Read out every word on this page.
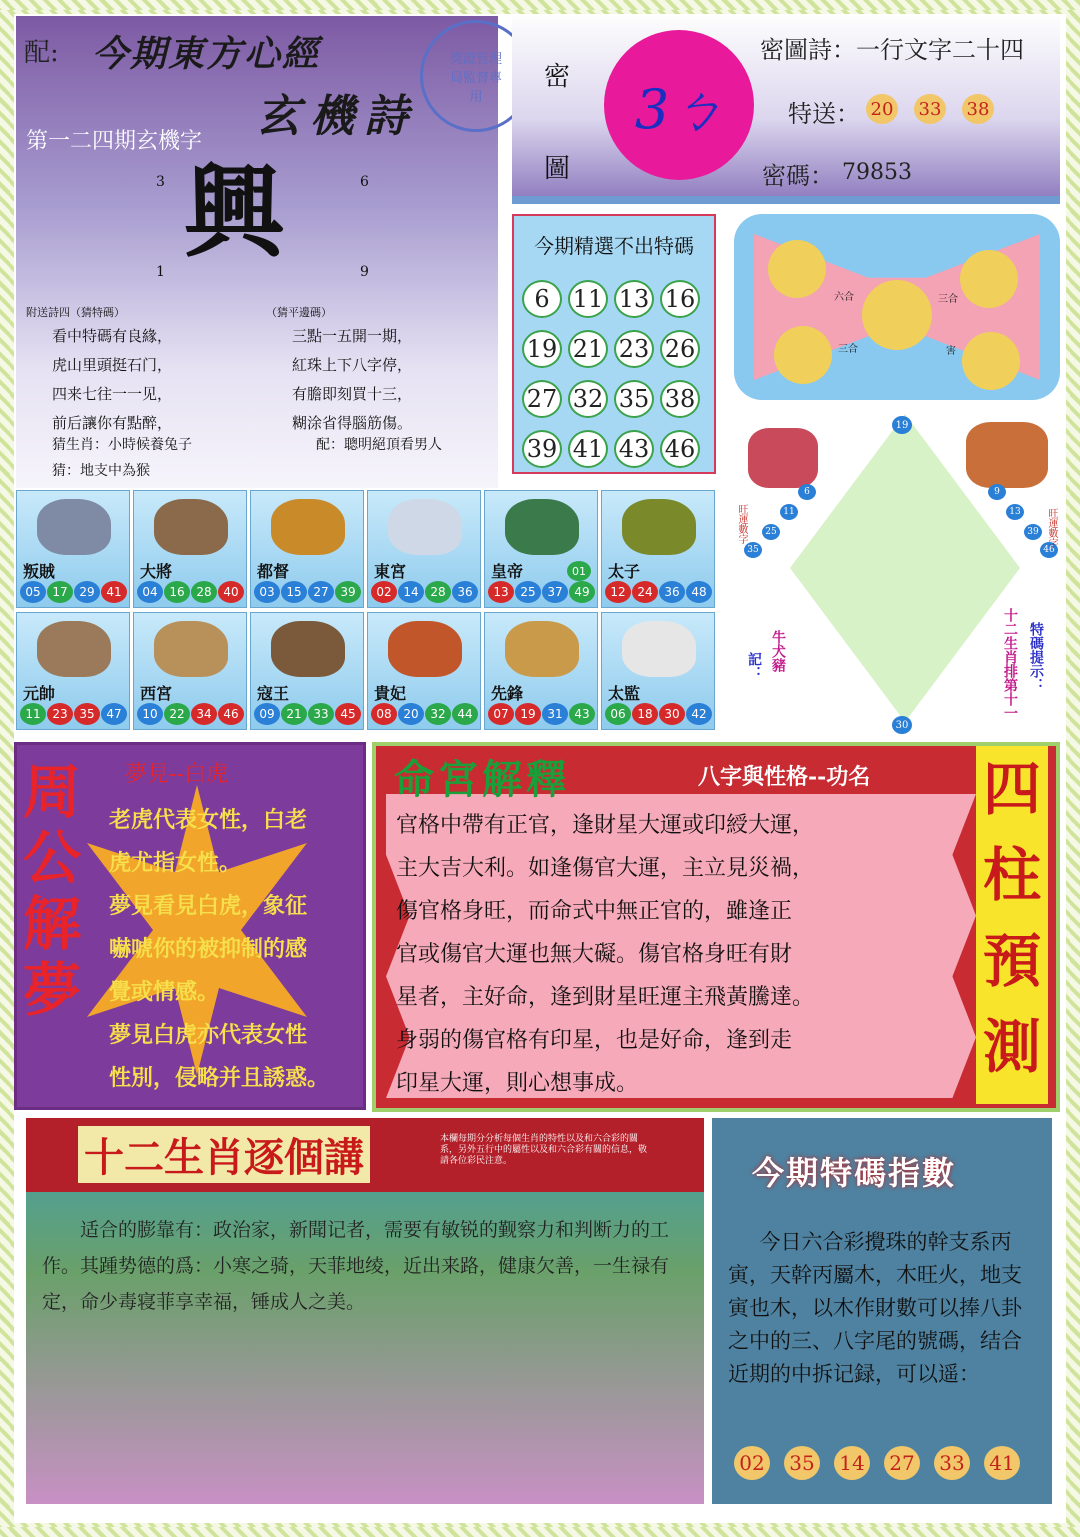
配: 今期東方心經
玄機詩
獎證管理局監督專用
第一二四期玄機字
3	6
興
1	9
附送詩四（猜特碼）	（猜平邊碼）
看中特碼有良緣，
虎山里頭挺石门，
四来七往一一见，
前后讓你有點醉，
三點一五開一期，
紅珠上下八字停，
有膽即刻買十三，
糊涂省得腦筋傷。
猜生肖：小時候養兔子	配：聰明絕頂看男人
猜：地支中為猴
密
圖
3ㄅ
密圖詩：一行文字二十四
特送： 20 33 38
密碼： 79853
今期精選不出特碼
6 11 13 16
19 21 23 26
27 32 35 38
39 41 43 46
六合	三合
三合	害
19
30
6
11
25
35
9
13
39
46
旺運數字	旺運數字
十二生肖排第十一 特碼提示：
記： 牛犬豬
叛賊
05 17 29 41
大將
04 16 28 40
都督
03 15 27 39
東宮
02 14 28 36
皇帝	01
13 25 37 49
太子
12 24 36 48
元帥
11 23 35 47
西宮
10 22 34 46
寇王
09 21 33 45
貴妃
08 20 32 44
先鋒
07 19 31 43
太監
06 18 30 42
周公解夢
夢見--白虎
老虎代表女性，白老
虎尤指女性。
夢見看見白虎，象征
嚇唬你的被抑制的感
覺或情感。
夢見白虎亦代表女性
性別，侵略并且誘惑。
命宮解釋	八字與性格--功名 四柱預測
官格中帶有正官，逢財星大運或印綬大運，
主大吉大利。如逢傷官大運，主立見災禍，
傷官格身旺，而命式中無正官的，雖逢正
官或傷官大運也無大礙。傷官格身旺有財
星者，主好命，逢到財星旺運主飛黃騰達。
身弱的傷官格有印星，也是好命，逢到走
印星大運，則心想事成。
十二生肖逐個講	本欄每期分分析每個生肖的特性以及和六合彩的關系，另外五行中的屬性以及和六合彩有關的信息，敬請各位彩民注意。
适合的膨靠有：政治家，新聞记者，需要有敏锐的觐察力和判断力的工作。其踵势德的爲：小寒之骑，天菲地绫，近出来路，健康欠善，一生禄有定，命少毒寝菲享幸福，锤成人之美。
今期特碼指數
今日六合彩攪珠的幹支系丙寅，天幹丙屬木，木旺火，地支寅也木，以木作財數可以捧八卦之中的三、八字尾的號碼，结合近期的中拆记録，可以遥：
02 35 14 27 33 41
